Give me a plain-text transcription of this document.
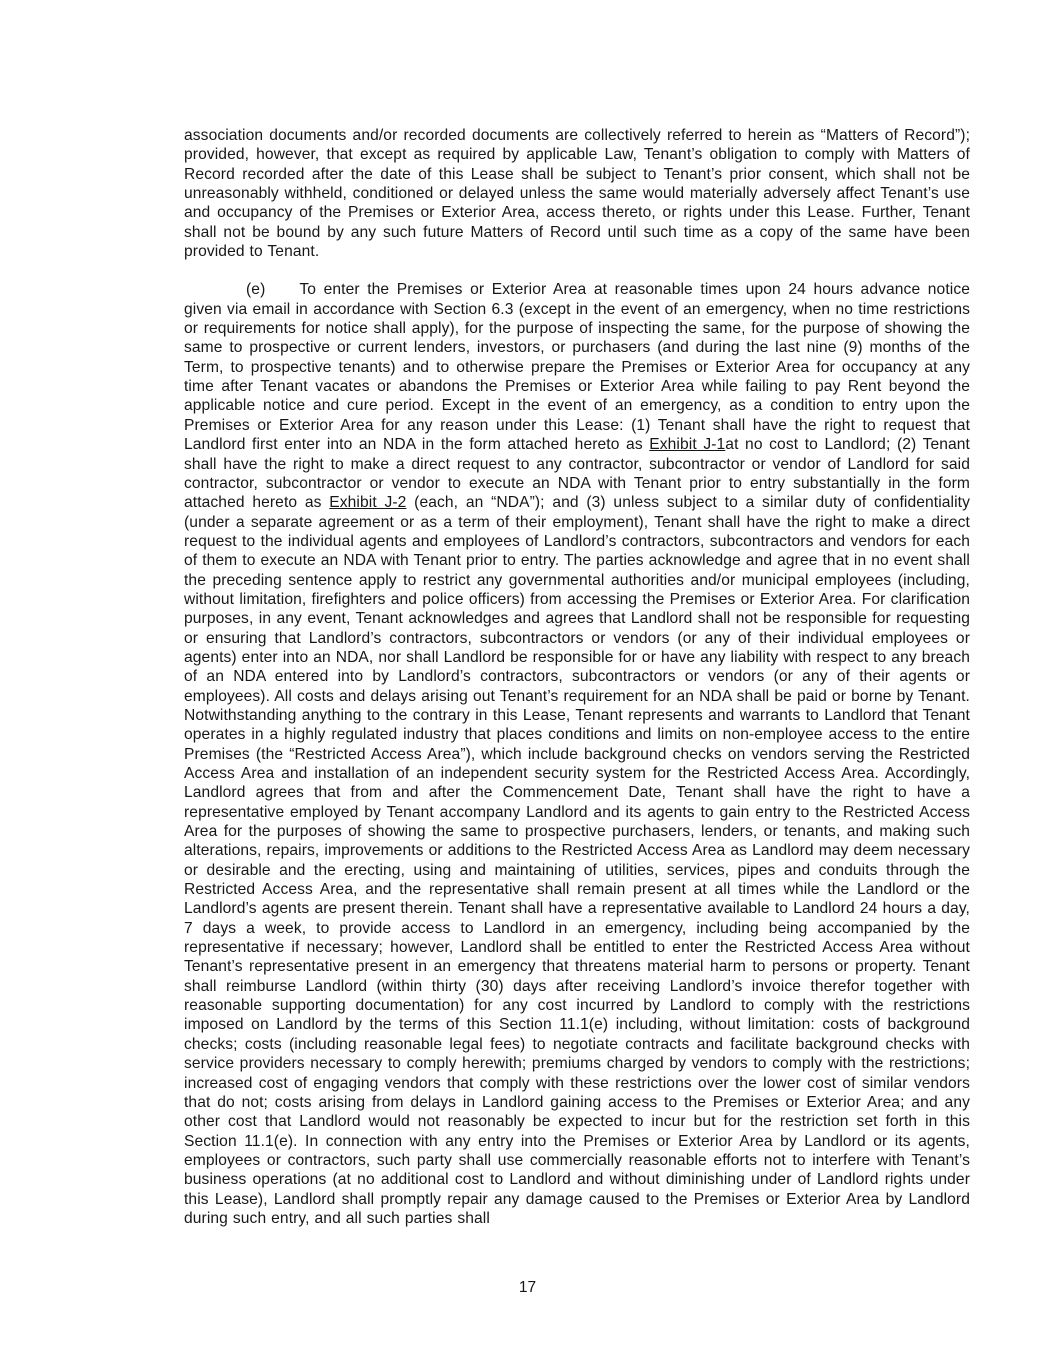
association documents and/or recorded documents are collectively referred to herein as “Matters of Record”); provided, however, that except as required by applicable Law, Tenant’s obligation to comply with Matters of Record recorded after the date of this Lease shall be subject to Tenant’s prior consent, which shall not be unreasonably withheld, conditioned or delayed unless the same would materially adversely affect Tenant’s use and occupancy of the Premises or Exterior Area, access thereto, or rights under this Lease. Further, Tenant shall not be bound by any such future Matters of Record until such time as a copy of the same have been provided to Tenant.

(e) To enter the Premises or Exterior Area at reasonable times upon 24 hours advance notice given via email in accordance with Section 6.3 (except in the event of an emergency, when no time restrictions or requirements for notice shall apply), for the purpose of inspecting the same, for the purpose of showing the same to prospective or current lenders, investors, or purchasers (and during the last nine (9) months of the Term, to prospective tenants) and to otherwise prepare the Premises or Exterior Area for occupancy at any time after Tenant vacates or abandons the Premises or Exterior Area while failing to pay Rent beyond the applicable notice and cure period. Except in the event of an emergency, as a condition to entry upon the Premises or Exterior Area for any reason under this Lease: (1) Tenant shall have the right to request that Landlord first enter into an NDA in the form attached hereto as Exhibit J-1at no cost to Landlord; (2) Tenant shall have the right to make a direct request to any contractor, subcontractor or vendor of Landlord for said contractor, subcontractor or vendor to execute an NDA with Tenant prior to entry substantially in the form attached hereto as Exhibit J-2 (each, an “NDA”); and (3) unless subject to a similar duty of confidentiality (under a separate agreement or as a term of their employment), Tenant shall have the right to make a direct request to the individual agents and employees of Landlord’s contractors, subcontractors and vendors for each of them to execute an NDA with Tenant prior to entry. The parties acknowledge and agree that in no event shall the preceding sentence apply to restrict any governmental authorities and/or municipal employees (including, without limitation, firefighters and police officers) from accessing the Premises or Exterior Area. For clarification purposes, in any event, Tenant acknowledges and agrees that Landlord shall not be responsible for requesting or ensuring that Landlord’s contractors, subcontractors or vendors (or any of their individual employees or agents) enter into an NDA, nor shall Landlord be responsible for or have any liability with respect to any breach of an NDA entered into by Landlord’s contractors, subcontractors or vendors (or any of their agents or employees). All costs and delays arising out Tenant’s requirement for an NDA shall be paid or borne by Tenant. Notwithstanding anything to the contrary in this Lease, Tenant represents and warrants to Landlord that Tenant operates in a highly regulated industry that places conditions and limits on non-employee access to the entire Premises (the “Restricted Access Area”), which include background checks on vendors serving the Restricted Access Area and installation of an independent security system for the Restricted Access Area. Accordingly, Landlord agrees that from and after the Commencement Date, Tenant shall have the right to have a representative employed by Tenant accompany Landlord and its agents to gain entry to the Restricted Access Area for the purposes of showing the same to prospective purchasers, lenders, or tenants, and making such alterations, repairs, improvements or additions to the Restricted Access Area as Landlord may deem necessary or desirable and the erecting, using and maintaining of utilities, services, pipes and conduits through the Restricted Access Area, and the representative shall remain present at all times while the Landlord or the Landlord’s agents are present therein. Tenant shall have a representative available to Landlord 24 hours a day, 7 days a week, to provide access to Landlord in an emergency, including being accompanied by the representative if necessary; however, Landlord shall be entitled to enter the Restricted Access Area without Tenant’s representative present in an emergency that threatens material harm to persons or property. Tenant shall reimburse Landlord (within thirty (30) days after receiving Landlord’s invoice therefor together with reasonable supporting documentation) for any cost incurred by Landlord to comply with the restrictions imposed on Landlord by the terms of this Section 11.1(e) including, without limitation: costs of background checks; costs (including reasonable legal fees) to negotiate contracts and facilitate background checks with service providers necessary to comply herewith; premiums charged by vendors to comply with the restrictions; increased cost of engaging vendors that comply with these restrictions over the lower cost of similar vendors that do not; costs arising from delays in Landlord gaining access to the Premises or Exterior Area; and any other cost that Landlord would not reasonably be expected to incur but for the restriction set forth in this Section 11.1(e). In connection with any entry into the Premises or Exterior Area by Landlord or its agents, employees or contractors, such party shall use commercially reasonable efforts not to interfere with Tenant’s business operations (at no additional cost to Landlord and without diminishing under of Landlord rights under this Lease), Landlord shall promptly repair any damage caused to the Premises or Exterior Area by Landlord during such entry, and all such parties shall

17
